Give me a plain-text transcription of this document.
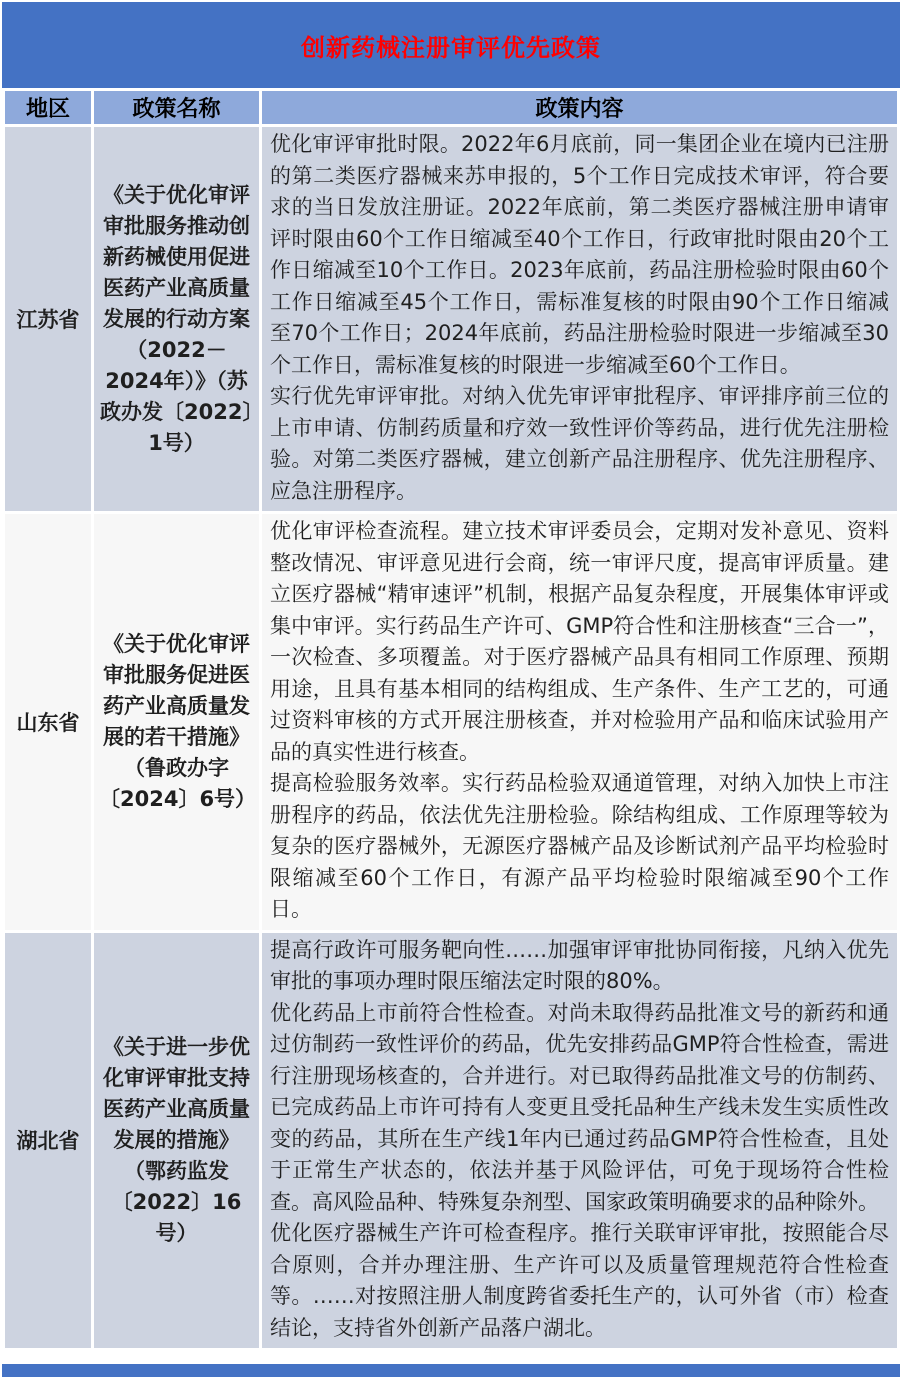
创新药械注册审评优先政策
地区	政策名称	政策内容
江苏省	《关于优化审评审批服务推动创新药械使用促进医药产业高质量发展的行动方案（2022－2024年）》（苏政办发〔2022〕1号）	优化审评审批时限。2022年6月底前，同一集团企业在境内已注册的第二类医疗器械来苏申报的，5个工作日完成技术审评，符合要求的当日发放注册证。2022年底前，第二类医疗器械注册申请审评时限由60个工作日缩减至40个工作日，行政审批时限由20个工作日缩减至10个工作日。2023年底前，药品注册检验时限由60个工作日缩减至45个工作日，需标准复核的时限由90个工作日缩减至70个工作日；2024年底前，药品注册检验时限进一步缩减至30个工作日，需标准复核的时限进一步缩减至60个工作日。

实行优先审评审批。对纳入优先审评审批程序、审评排序前三位的上市申请、仿制药质量和疗效一致性评价等药品，进行优先注册检验。对第二类医疗器械，建立创新产品注册程序、优先注册程序、应急注册程序。

山东省	《关于优化审评审批服务促进医药产业高质量发展的若干措施》（鲁政办字〔2024〕6号）	优化审评检查流程。建立技术审评委员会，定期对发补意见、资料整改情况、审评意见进行会商，统一审评尺度，提高审评质量。建立医疗器械“精审速评”机制，根据产品复杂程度，开展集体审评或集中审评。实行药品生产许可、GMP符合性和注册核查“三合一”，一次检查、多项覆盖。对于医疗器械产品具有相同工作原理、预期用途，且具有基本相同的结构组成、生产条件、生产工艺的，可通过资料审核的方式开展注册核查，并对检验用产品和临床试验用产品的真实性进行核查。

提高检验服务效率。实行药品检验双通道管理，对纳入加快上市注册程序的药品，依法优先注册检验。除结构组成、工作原理等较为复杂的医疗器械外，无源医疗器械产品及诊断试剂产品平均检验时限缩减至60个工作日，有源产品平均检验时限缩减至90个工作日。

湖北省	《关于进一步优化审评审批支持医药产业高质量发展的措施》（鄂药监发〔2022〕16号）	提高行政许可服务靶向性……加强审评审批协同衔接，凡纳入优先审批的事项办理时限压缩法定时限的80%。

优化药品上市前符合性检查。对尚未取得药品批准文号的新药和通过仿制药一致性评价的药品，优先安排药品GMP符合性检查，需进行注册现场核查的，合并进行。对已取得药品批准文号的仿制药、已完成药品上市许可持有人变更且受托品种生产线未发生实质性改变的药品，其所在生产线1年内已通过药品GMP符合性检查，且处于正常生产状态的，依法并基于风险评估，可免于现场符合性检查。高风险品种、特殊复杂剂型、国家政策明确要求的品种除外。

优化医疗器械生产许可检查程序。推行关联审评审批，按照能合尽合原则，合并办理注册、生产许可以及质量管理规范符合性检查等。……对按照注册人制度跨省委托生产的，认可外省（市）检查结论，支持省外创新产品落户湖北。
